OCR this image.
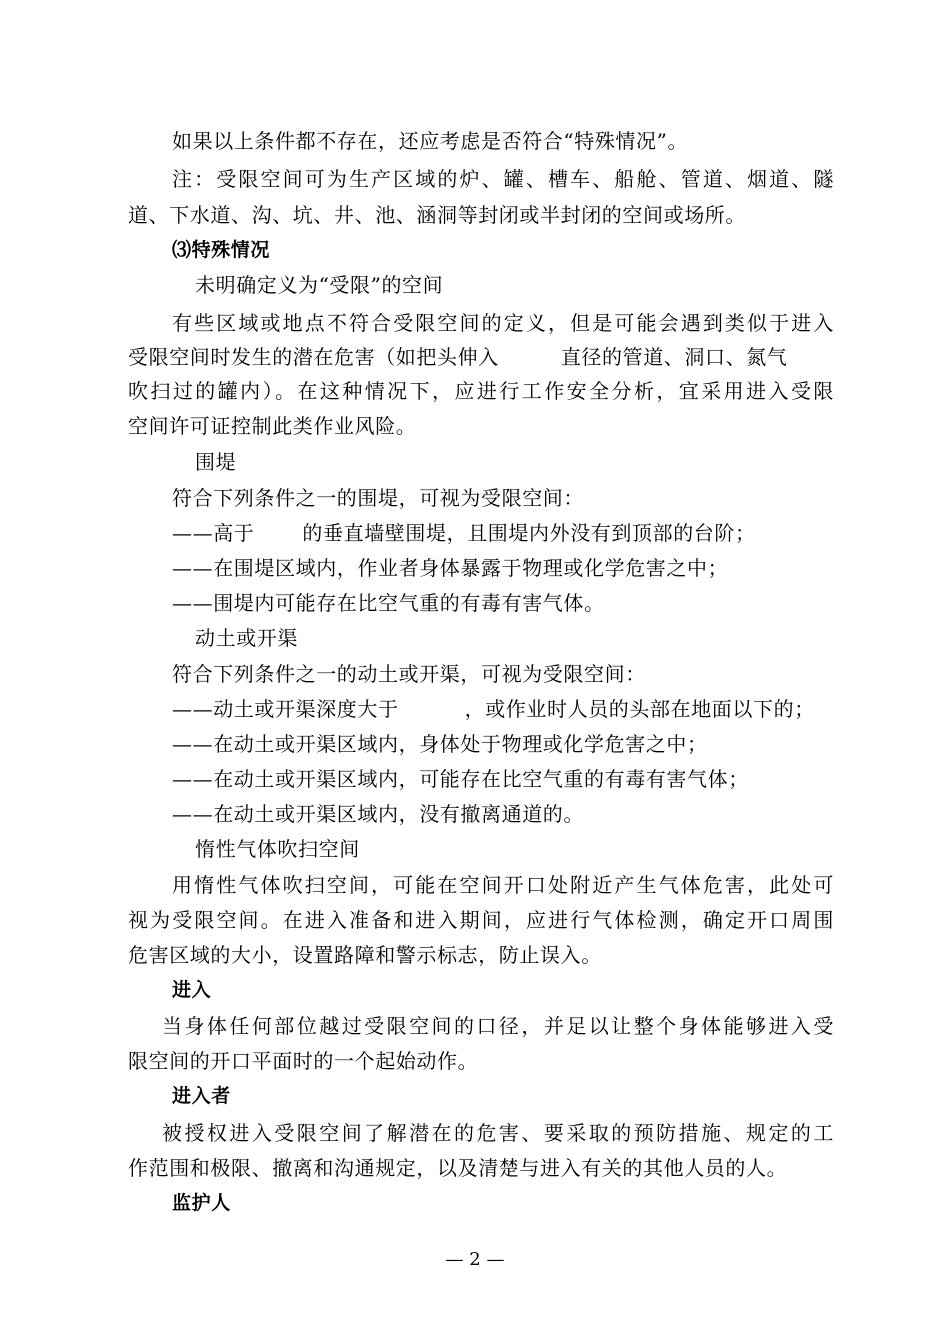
如果以上条件都不存在，还应考虑是否符合“特殊情况”。
注：受限空间可为生产区域的炉、罐、槽车、船舱、管道、烟道、隧
道、下水道、沟、坑、井、池、涵洞等封闭或半封闭的空间或场所。
⑶特殊情况
未明确定义为“受限”的空间
有些区域或地点不符合受限空间的定义，但是可能会遇到类似于进入
受限空间时发生的潜在危害（如把头伸入	直径的管道、洞口、氮气
吹扫过的罐内）。在这种情况下，应进行工作安全分析，宜采用进入受限
空间许可证控制此类作业风险。
围堤
符合下列条件之一的围堤，可视为受限空间：
——高于 的垂直墙壁围堤，且围堤内外没有到顶部的台阶；
——在围堤区域内，作业者身体暴露于物理或化学危害之中；
——围堤内可能存在比空气重的有毒有害气体。
动土或开渠
符合下列条件之一的动土或开渠，可视为受限空间：
——动土或开渠深度大于	，或作业时人员的头部在地面以下的；
——在动土或开渠区域内，身体处于物理或化学危害之中；
——在动土或开渠区域内，可能存在比空气重的有毒有害气体；
——在动土或开渠区域内，没有撤离通道的。
惰性气体吹扫空间
用惰性气体吹扫空间，可能在空间开口处附近产生气体危害，此处可
视为受限空间。在进入准备和进入期间，应进行气体检测，确定开口周围
危害区域的大小，设置路障和警示标志，防止误入。
进入
当身体任何部位越过受限空间的口径，并足以让整个身体能够进入受
限空间的开口平面时的一个起始动作。
进入者
被授权进入受限空间了解潜在的危害、要采取的预防措施、规定的工
作范围和极限、撤离和沟通规定，以及清楚与进入有关的其他人员的人。
监护人
— 2 —
